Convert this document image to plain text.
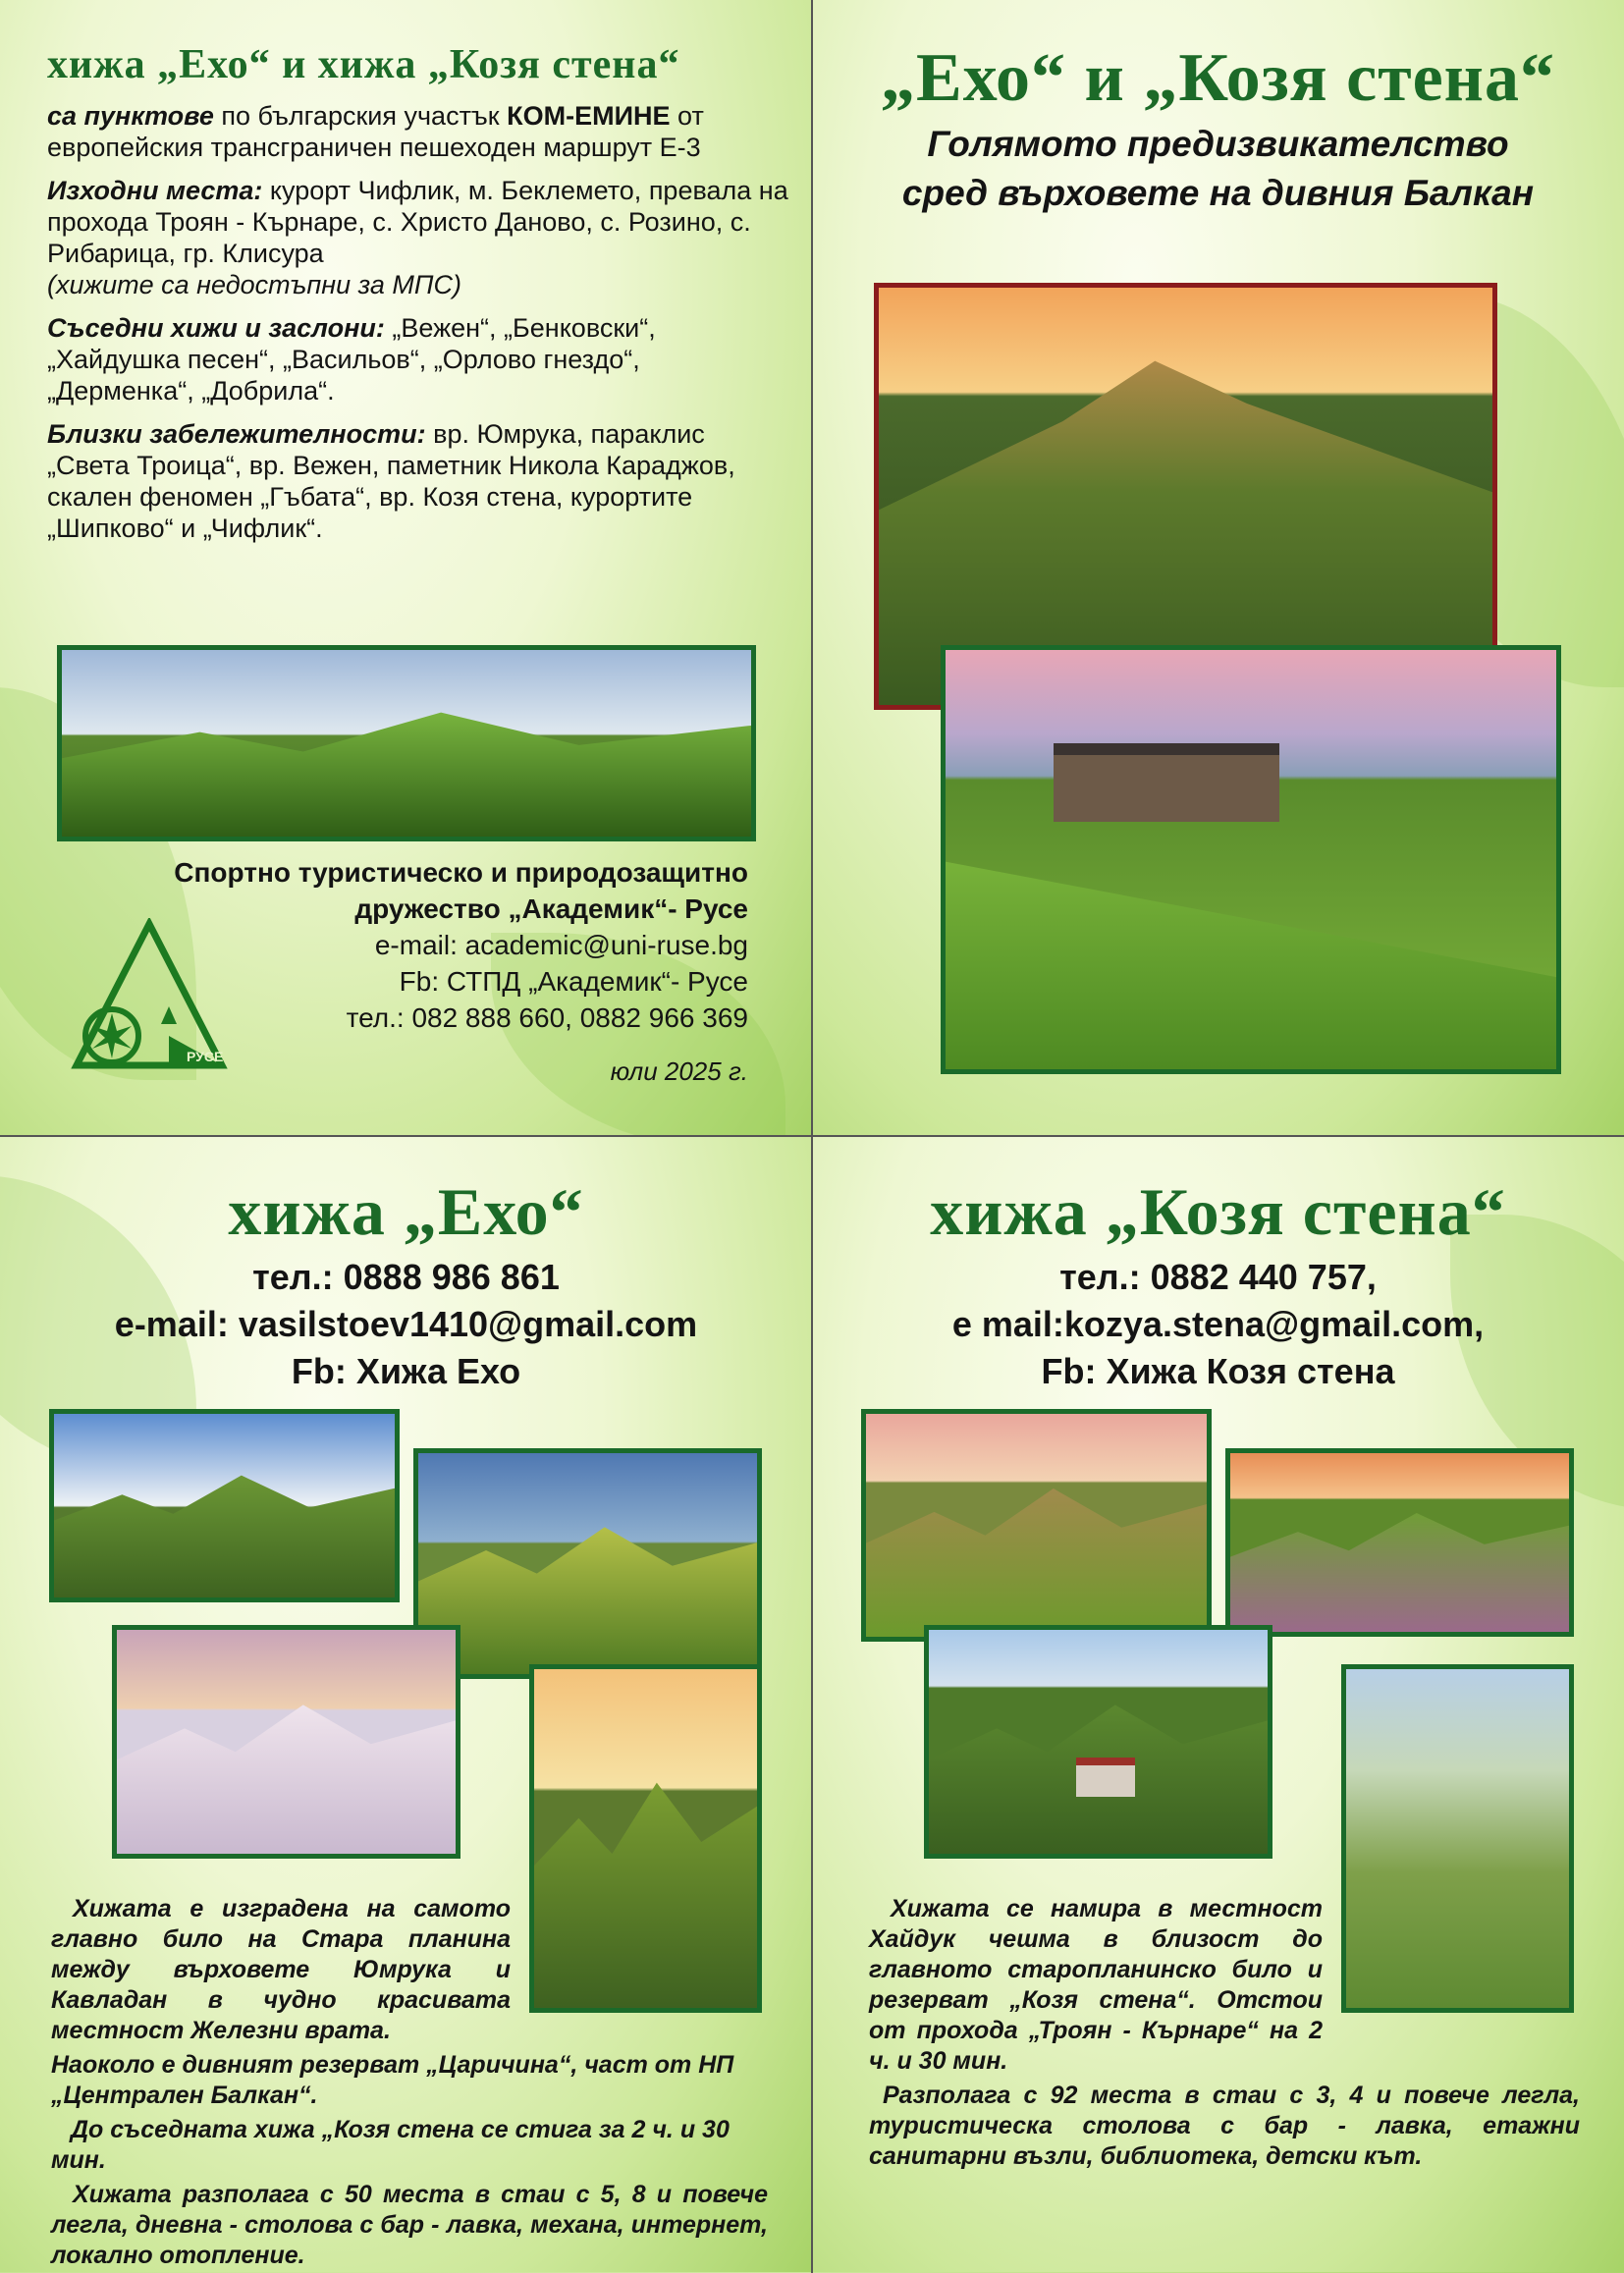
хижа „Ехо“ и хижа „Козя стена“
са пунктове по българския участък КОМ-ЕМИНЕ от европейския трансграничен пешеходен маршрут Е-3
Изходни места: курорт Чифлик, м. Беклемето, превала на прохода Троян - Кърнаре, с. Христо Даново, с. Розино, с. Рибарица, гр. Клисура
(хижите са недостъпни за МПС)
Съседни хижи и заслони: „Вежен“, „Бенковски“, „Хайдушка песен“, „Васильов“, „Орлово гнездо“, „Дерменка“, „Добрила“.
Близки забележителности: вр. Юмрука, параклис „Света Троица“, вр. Вежен, паметник Никола Караджов, скален феномен „Гъбата“, вр. Козя стена, курортите „Шипково“ и „Чифлик“.
Спортно туристическо и природозащитно
дружество „Академик“- Русе
e-mail: academic@uni-ruse.bg
Fb: СТПД „Академик“- Русе
тел.: 082 888 660, 0882 966 369
юли 2025 г.
РУСЕ
„Ехо“ и „Козя стена“
Голямото предизвикателство
сред върховете на дивния Балкан
хижа „Ехо“
тел.: 0888 986 861
e-mail: vasilstoev1410@gmail.com
Fb: Хижа Ехо

Хижата е изградена на самото главно било на Стара планина между върховете Юмрука и Кавладан в чудно красивата местност Железни врата.

Наоколо е дивният резерват „Царичина“, част от НП „Централен Балкан“.

До съседната хижа „Козя стена се стига за 2 ч. и 30 мин.

Хижата разполага с 50 места в стаи с 5, 8 и повече легла, дневна - столова с бар - лавка, механа, интернет, локално отопление.

хижа „Козя стена“
тел.: 0882 440 757,
e mail:kozya.stena@gmail.com,
Fb: Хижа Козя стена

Хижата се намира в местност Хайдук чешма в близост до главното старопланинско било и резерват „Козя стена“. Отстои от прохода „Троян - Кърнаре“ на 2 ч. и 30 мин.

Разполага с 92 места в стаи с 3, 4 и повече легла, туристическа столова с бар - лавка, етажни санитарни възли, библиотека, детски кът.
